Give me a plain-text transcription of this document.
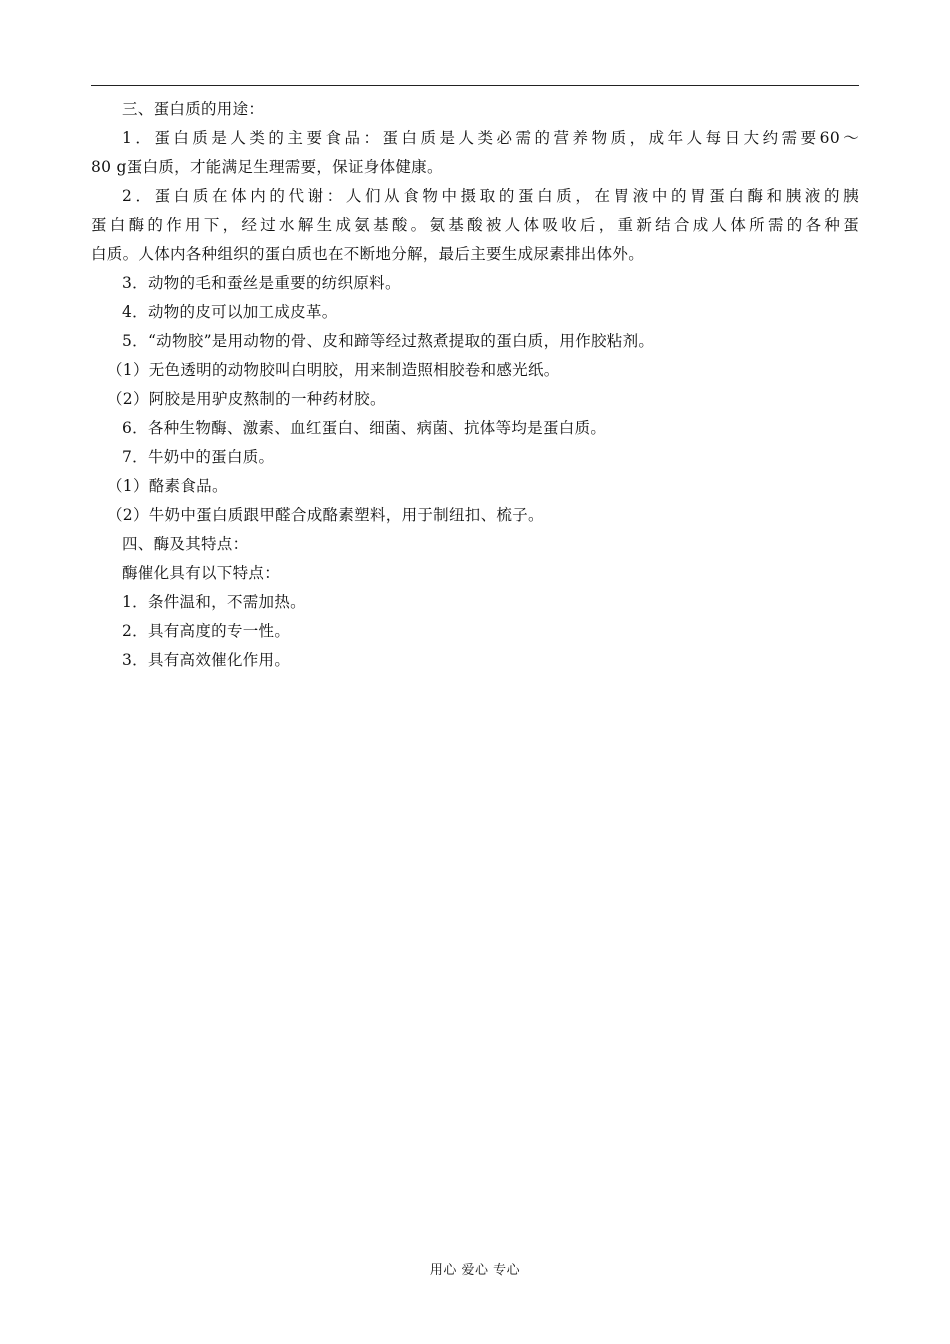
三、蛋白质的用途：
1．蛋白质是人类的主要食品：蛋白质是人类必需的营养物质，成年人每日大约需要60～
80 g蛋白质，才能满足生理需要，保证身体健康。
2．蛋白质在体内的代谢：人们从食物中摄取的蛋白质，在胃液中的胃蛋白酶和胰液的胰
蛋白酶的作用下，经过水解生成氨基酸。氨基酸被人体吸收后，重新结合成人体所需的各种蛋
白质。人体内各种组织的蛋白质也在不断地分解，最后主要生成尿素排出体外。
3．动物的毛和蚕丝是重要的纺织原料。
4．动物的皮可以加工成皮革。
5．“动物胶”是用动物的骨、皮和蹄等经过熬煮提取的蛋白质，用作胶粘剂。
（1）无色透明的动物胶叫白明胶，用来制造照相胶卷和感光纸。
（2）阿胶是用驴皮熬制的一种药材胶。
6．各种生物酶、激素、血红蛋白、细菌、病菌、抗体等均是蛋白质。
7．牛奶中的蛋白质。
（1）酪素食品。
（2）牛奶中蛋白质跟甲醛合成酪素塑料，用于制纽扣、梳子。
四、酶及其特点：
酶催化具有以下特点：
1．条件温和，不需加热。
2．具有高度的专一性。
3．具有高效催化作用。
用心 爱心 专心
